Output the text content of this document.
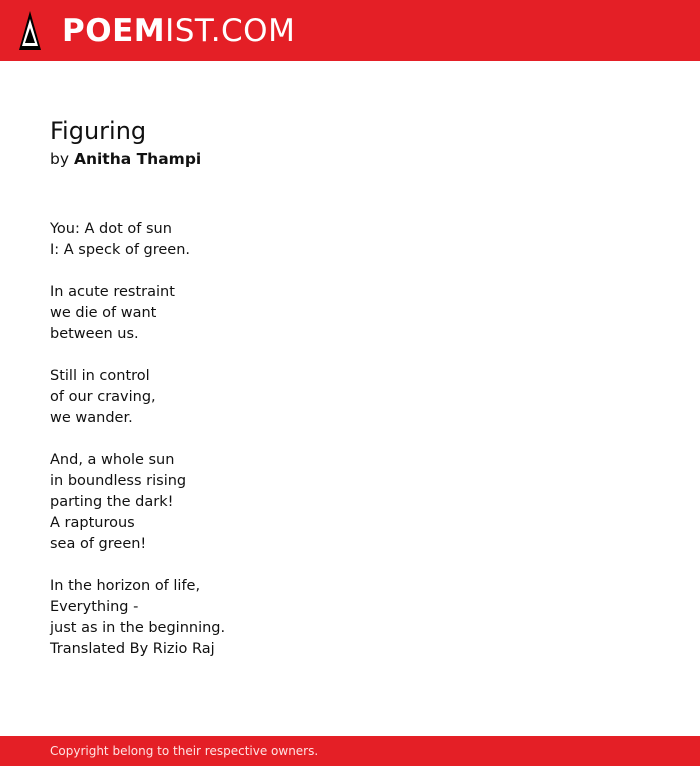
POEMIST.COM
Figuring
by Anitha Thampi
You: A dot of sun
I: A speck of green.
In acute restraint
we die of want
between us.
Still in control
of our craving,
we wander.
And, a whole sun
in boundless rising
parting the dark!
A rapturous
sea of green!
In the horizon of life,
Everything -
just as in the beginning.
Translated By Rizio Raj
Copyright belong to their respective owners.
